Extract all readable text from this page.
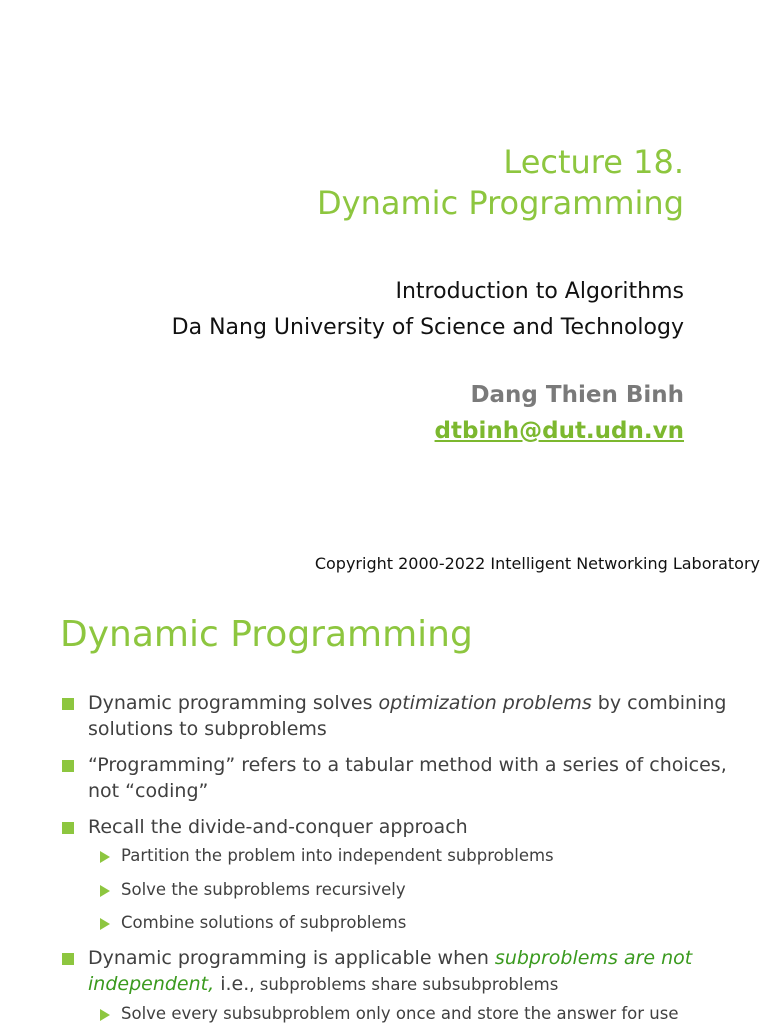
Lecture 18.
Dynamic Programming
Introduction to Algorithms
Da Nang University of Science and Technology
Dang Thien Binh
dtbinh@dut.udn.vn
Copyright 2000-2022 Intelligent Networking Laboratory
Dynamic Programming
Dynamic programming solves optimization problems by combining solutions to subproblems
“Programming” refers to a tabular method with a series of choices, not “coding”
Recall the divide-and-conquer approach
Partition the problem into independent subproblems
Solve the subproblems recursively
Combine solutions of subproblems
Dynamic programming is applicable when subproblems are not independent, i.e., subproblems share subsubproblems
Solve every subsubproblem only once and store the answer for use
